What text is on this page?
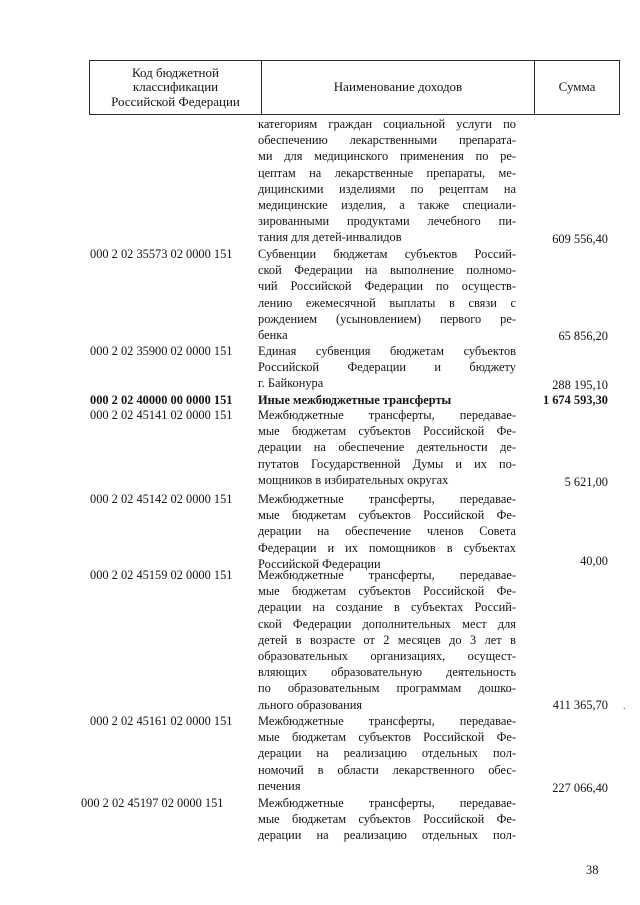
Код бюджетной
классификации
Российской Федерации
Наименование доходов	Сумма
категориям граждан социальной услуги по
обеспечению лекарственными препарата-
ми для медицинского применения по ре-
цептам на лекарственные препараты, ме-
дицинскими изделиями по рецептам на
медицинские изделия, а также специали-
зированными продуктами лечебного пи-
тания для детей-инвалидов	609 556,40
000 2 02 35573 02 0000 151 Субвенции бюджетам субъектов Россий-
ской Федерации на выполнение полномо-
чий Российской Федерации по осуществ-
лению ежемесячной выплаты в связи с
рождением (усыновлением) первого ре-
бенка	65 856,20
000 2 02 35900 02 0000 151 Единая субвенция бюджетам субъектов
Российской Федерации и бюджету
г. Байконура	288 195,10
000 2 02 40000 00 0000 151 Иные межбюджетные трансферты	1 674 593,30
000 2 02 45141 02 0000 151 Межбюджетные трансферты, передавае-
мые бюджетам субъектов Российской Фе-
дерации на обеспечение деятельности де-
путатов Государственной Думы и их по-
мощников в избирательных округах	5 621,00
000 2 02 45142 02 0000 151 Межбюджетные трансферты, передавае-
мые бюджетам субъектов Российской Фе-
дерации на обеспечение членов Совета
Федерации и их помощников в субъектах
Российской Федерации	40,00
000 2 02 45159 02 0000 151 Межбюджетные трансферты, передавае-
мые бюджетам субъектов Российской Фе-
дерации на создание в субъектах Россий-
ской Федерации дополнительных мест для
детей в возрасте от 2 месяцев до 3 лет в
образовательных организациях, осущест-
вляющих образовательную деятельность
по образовательным программам дошко-
льного образования	411 365,70
000 2 02 45161 02 0000 151 Межбюджетные трансферты, передавае-
мые бюджетам субъектов Российской Фе-
дерации на реализацию отдельных пол-
номочий в области лекарственного обес-
печения	227 066,40
000 2 02 45197 02 0000 151	Межбюджетные трансферты, передавае-
мые бюджетам субъектов Российской Фе-
дерации на реализацию отдельных пол-
.
38
